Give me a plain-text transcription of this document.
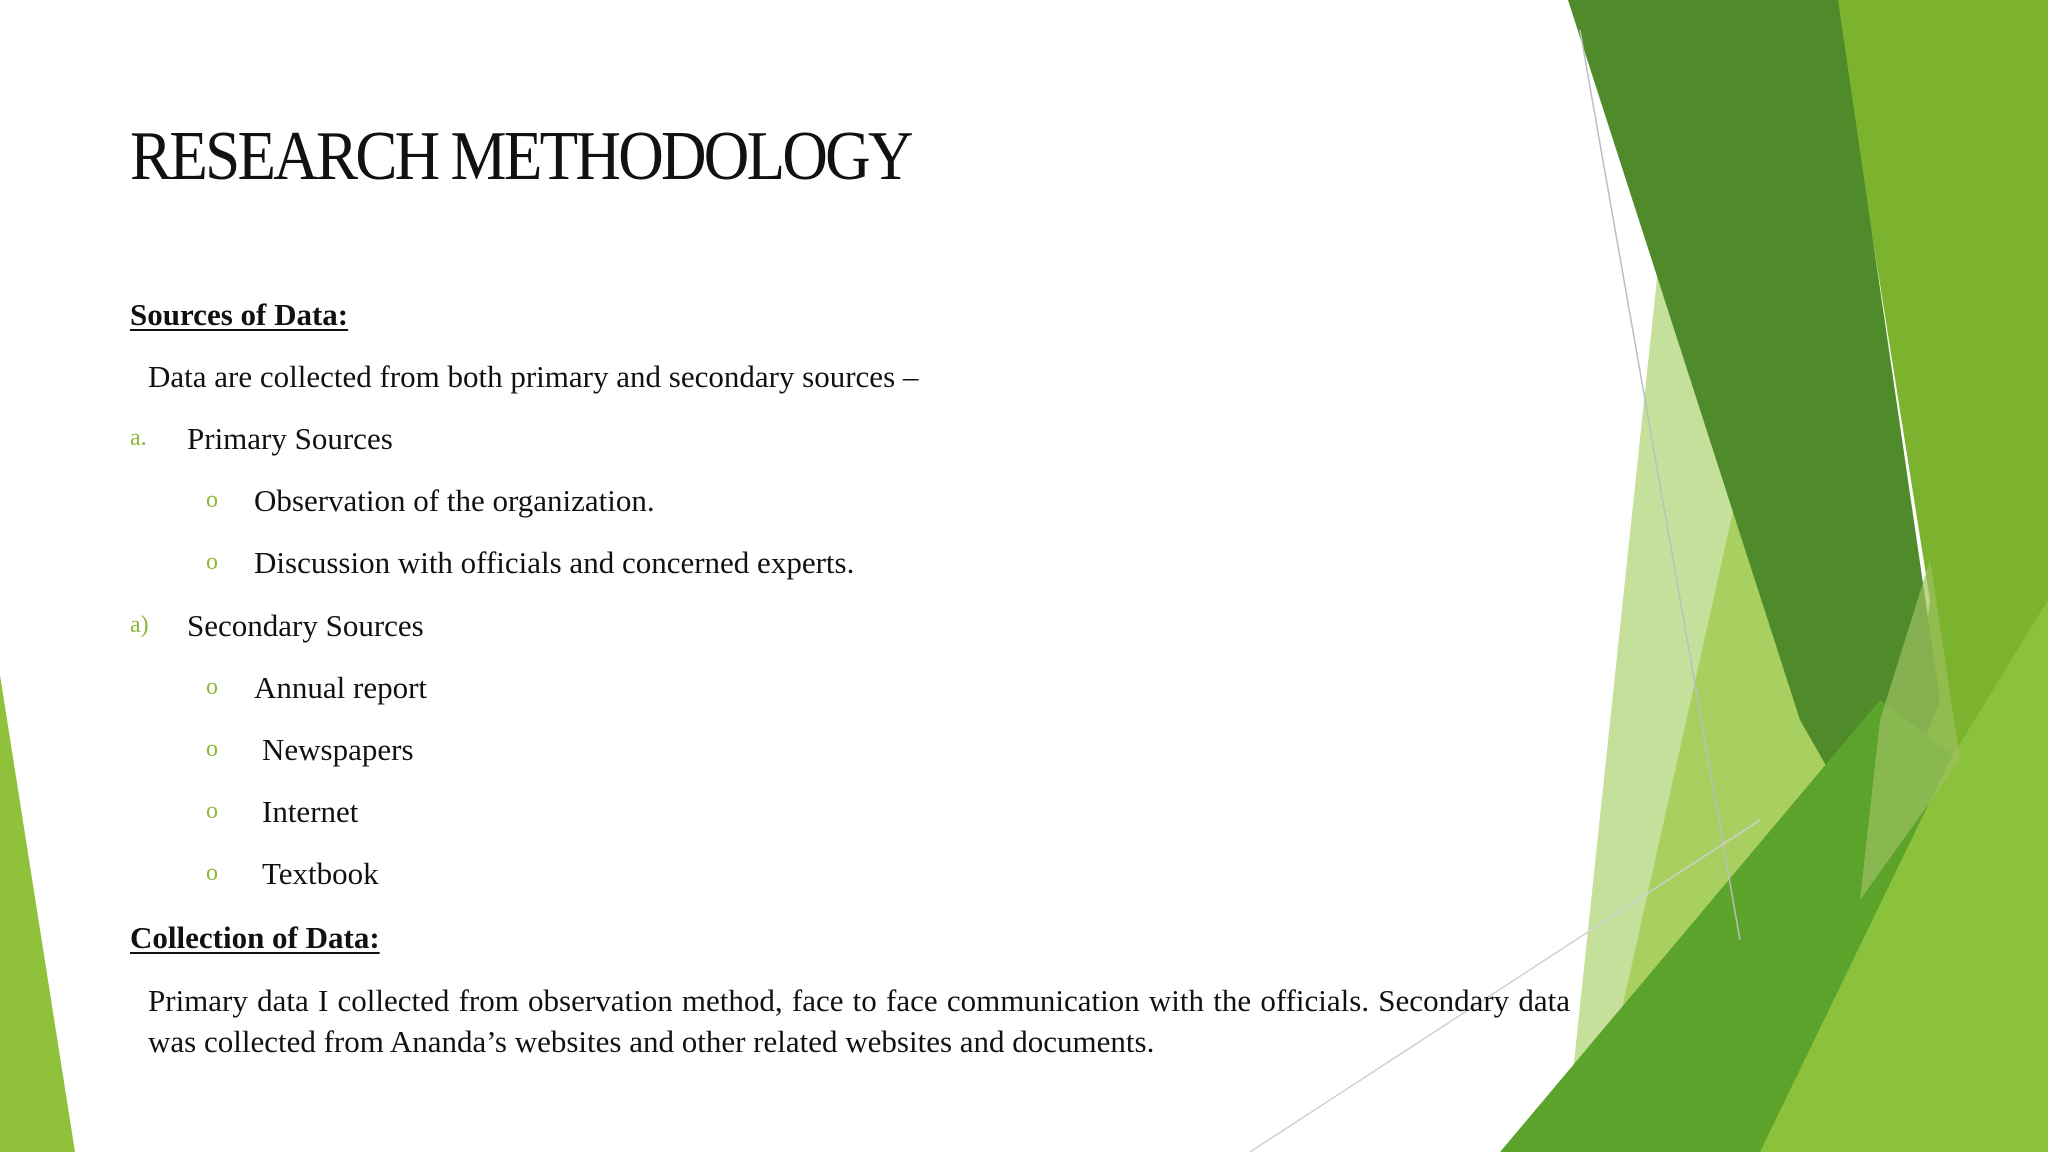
RESEARCH METHODOLOGY
Sources of Data:
Data are collected from both primary and secondary sources –
a. Primary Sources
o Observation of the organization.
o Discussion with officials and concerned experts.
a) Secondary Sources
o Annual report
o Newspapers
o Internet
o Textbook
Collection of Data:
Primary data I collected from observation method, face to face communication with the officials. Secondary data was collected from Ananda’s websites and other related websites and documents.
